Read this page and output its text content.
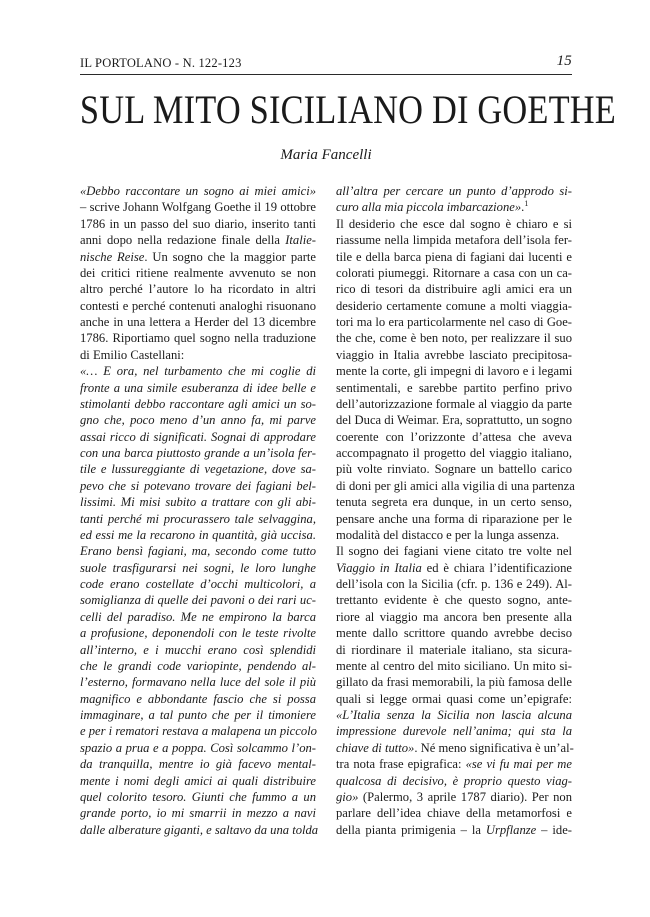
IL PORTOLANO - N. 122-123	15
SUL MITO SICILIANO DI GOETHE
Maria Fancelli
«Debbo raccontare un sogno ai miei amici»
– scrive Johann Wolfgang Goethe il 19 ottobre
1786 in un passo del suo diario, inserito tanti
anni dopo nella redazione finale della Italie-
nische Reise. Un sogno che la maggior parte
dei critici ritiene realmente avvenuto se non
altro perché l’autore lo ha ricordato in altri
contesti e perché contenuti analoghi risuonano
anche in una lettera a Herder del 13 dicembre
1786. Riportiamo quel sogno nella traduzione
di Emilio Castellani:
«… E ora, nel turbamento che mi coglie di
fronte a una simile esuberanza di idee belle e
stimolanti debbo raccontare agli amici un so-
gno che, poco meno d’un anno fa, mi parve
assai ricco di significati. Sognai di approdare
con una barca piuttosto grande a un’isola fer-
tile e lussureggiante di vegetazione, dove sa-
pevo che si potevano trovare dei fagiani bel-
lissimi. Mi misi subito a trattare con gli abi-
tanti perché mi procurassero tale selvaggina,
ed essi me la recarono in quantità, già uccisa.
Erano bensì fagiani, ma, secondo come tutto
suole trasfigurarsi nei sogni, le loro lunghe
code erano costellate d’occhi multicolori, a
somiglianza di quelle dei pavoni o dei rari uc-
celli del paradiso. Me ne empirono la barca
a profusione, deponendoli con le teste rivolte
all’interno, e i mucchi erano così splendidi
che le grandi code variopinte, pendendo al-
l’esterno, formavano nella luce del sole il più
magnifico e abbondante fascio che si possa
immaginare, a tal punto che per il timoniere
e per i rematori restava a malapena un piccolo
spazio a prua e a poppa. Così solcammo l’on-
da tranquilla, mentre io già facevo mental-
mente i nomi degli amici ai quali distribuire
quel colorito tesoro. Giunti che fummo a un
grande porto, io mi smarrii in mezzo a navi
dalle alberature giganti, e saltavo da una tolda
all’altra per cercare un punto d’approdo si-
curo alla mia piccola imbarcazione».$^1$
Il desiderio che esce dal sogno è chiaro e si
riassume nella limpida metafora dell’isola fer-
tile e della barca piena di fagiani dai lucenti e
colorati piumeggi. Ritornare a casa con un ca-
rico di tesori da distribuire agli amici era un
desiderio certamente comune a molti viaggia-
tori ma lo era particolarmente nel caso di Goe-
the che, come è ben noto, per realizzare il suo
viaggio in Italia avrebbe lasciato precipitosa-
mente la corte, gli impegni di lavoro e i legami
sentimentali, e sarebbe partito perfino privo
dell’autorizzazione formale al viaggio da parte
del Duca di Weimar. Era, soprattutto, un sogno
coerente con l’orizzonte d’attesa che aveva
accompagnato il progetto del viaggio italiano,
più volte rinviato. Sognare un battello carico
di doni per gli amici alla vigilia di una partenza
tenuta segreta era dunque, in un certo senso,
pensare anche una forma di riparazione per le
modalità del distacco e per la lunga assenza.
Il sogno dei fagiani viene citato tre volte nel
Viaggio in Italia ed è chiara l’identificazione
dell’isola con la Sicilia (cfr. p. 136 e 249). Al-
trettanto evidente è che questo sogno, ante-
riore al viaggio ma ancora ben presente alla
mente dallo scrittore quando avrebbe deciso
di riordinare il materiale italiano, sta sicura-
mente al centro del mito siciliano. Un mito si-
gillato da frasi memorabili, la più famosa delle
quali si legge ormai quasi come un’epigrafe:
«L’Italia senza la Sicilia non lascia alcuna
impressione durevole nell’anima; qui sta la
chiave di tutto». Né meno significativa è un’al-
tra nota frase epigrafica: «se vi fu mai per me
qualcosa di decisivo, è proprio questo viag-
gio» (Palermo, 3 aprile 1787 diario). Per non
parlare dell’idea chiave della metamorfosi e
della pianta primigenia – la Urpflanze – ide-
